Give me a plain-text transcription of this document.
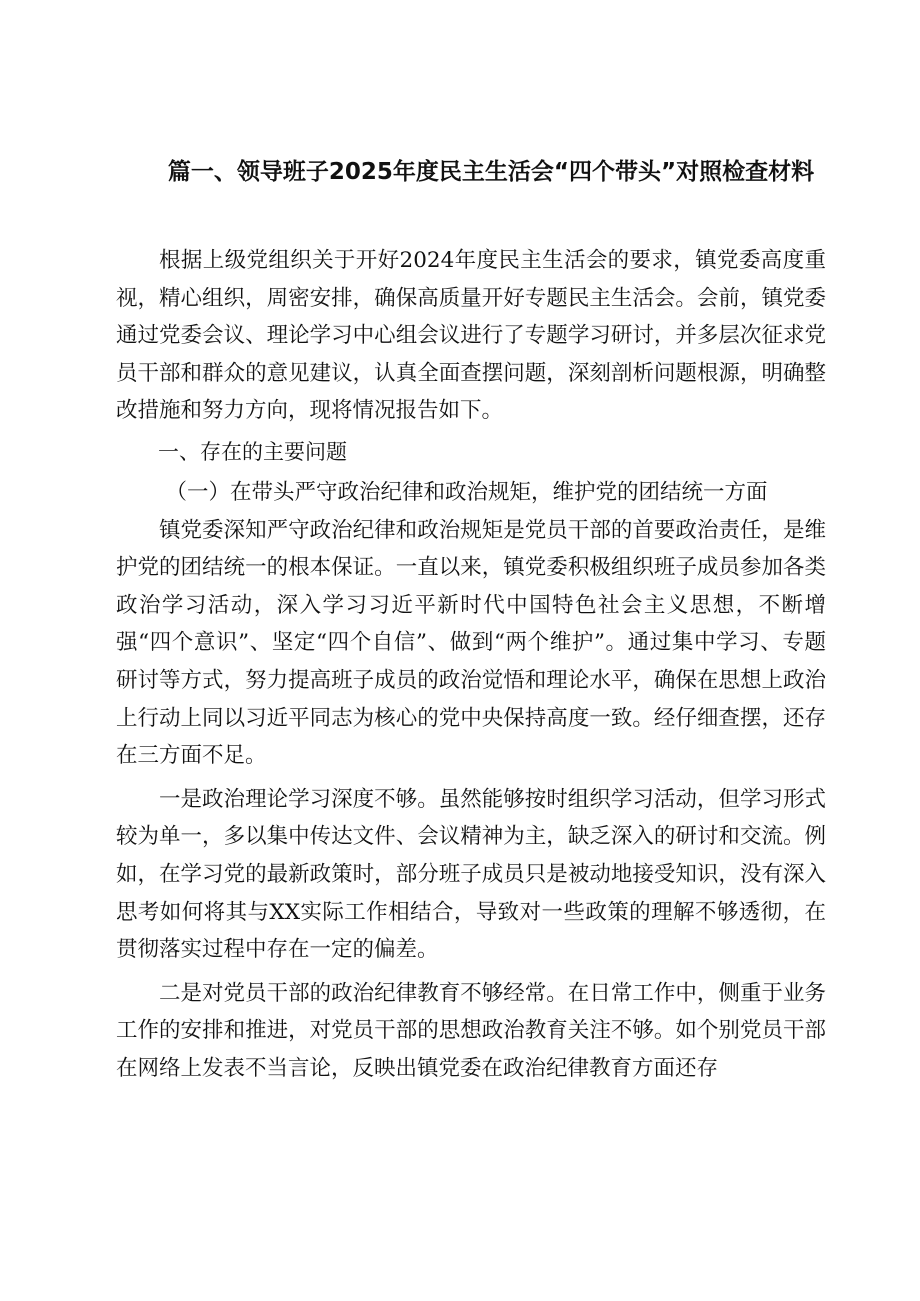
篇一、领导班子2025年度民主生活会“四个带头”对照检查材料

根据上级党组织关于开好2024年度民主生活会的要求，镇党委高度重视，精心组织，周密安排，确保高质量开好专题民主生活会。会前，镇党委通过党委会议、理论学习中心组会议进行了专题学习研讨，并多层次征求党员干部和群众的意见建议，认真全面查摆问题，深刻剖析问题根源，明确整改措施和努力方向，现将情况报告如下。

一、存在的主要问题

（一）在带头严守政治纪律和政治规矩，维护党的团结统一方面

镇党委深知严守政治纪律和政治规矩是党员干部的首要政治责任，是维护党的团结统一的根本保证。一直以来，镇党委积极组织班子成员参加各类政治学习活动，深入学习习近平新时代中国特色社会主义思想，不断增强“四个意识”、坚定“四个自信”、做到“两个维护”。通过集中学习、专题研讨等方式，努力提高班子成员的政治觉悟和理论水平，确保在思想上政治上行动上同以习近平同志为核心的党中央保持高度一致。经仔细查摆，还存在三方面不足。

一是政治理论学习深度不够。虽然能够按时组织学习活动，但学习形式较为单一，多以集中传达文件、会议精神为主，缺乏深入的研讨和交流。例如，在学习党的最新政策时，部分班子成员只是被动地接受知识，没有深入思考如何将其与XX实际工作相结合，导致对一些政策的理解不够透彻，在贯彻落实过程中存在一定的偏差。

二是对党员干部的政治纪律教育不够经常。在日常工作中，侧重于业务工作的安排和推进，对党员干部的思想政治教育关注不够。如个别党员干部在网络上发表不当言论，反映出镇党委在政治纪律教育方面还存
